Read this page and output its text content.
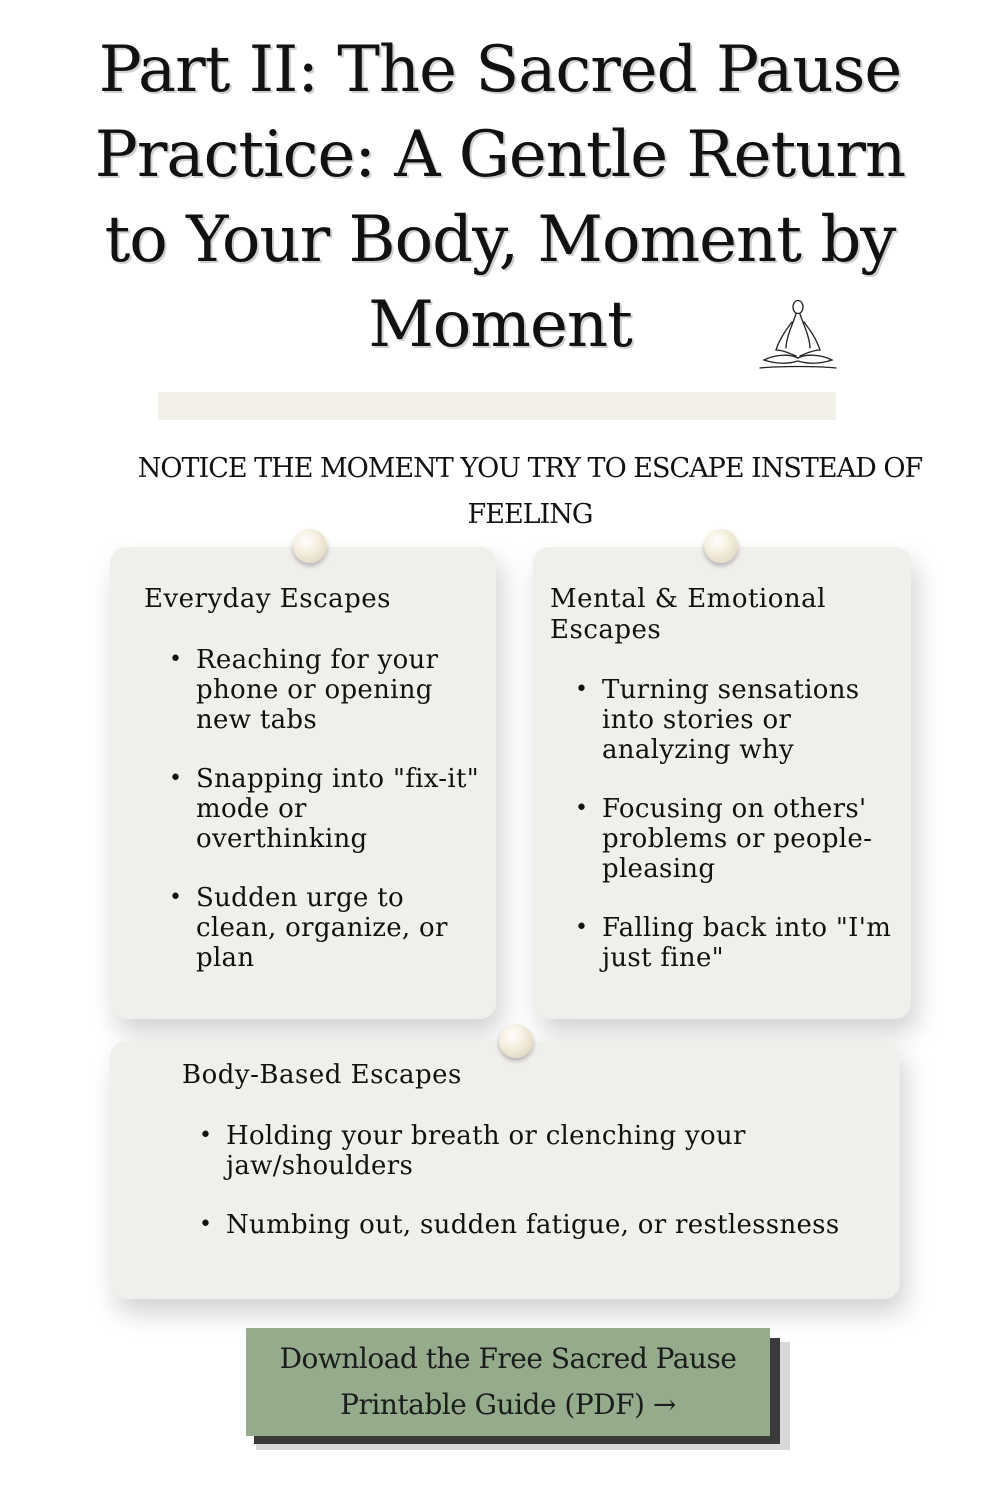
Part II: The Sacred Pause Practice: A Gentle Return to Your Body, Moment by Moment
NOTICE THE MOMENT YOU TRY TO ESCAPE INSTEAD OF FEELING
Everyday Escapes
• Reaching for your phone or opening new tabs
• Snapping into "fix-it" mode or overthinking
• Sudden urge to clean, organize, or plan
Mental & Emotional Escapes
• Turning sensations into stories or analyzing why
• Focusing on others' problems or people-pleasing
• Falling back into "I'm just fine"
Body-Based Escapes
• Holding your breath or clenching your jaw/shoulders
• Numbing out, sudden fatigue, or restlessness
Download the Free Sacred Pause Printable Guide (PDF) →
